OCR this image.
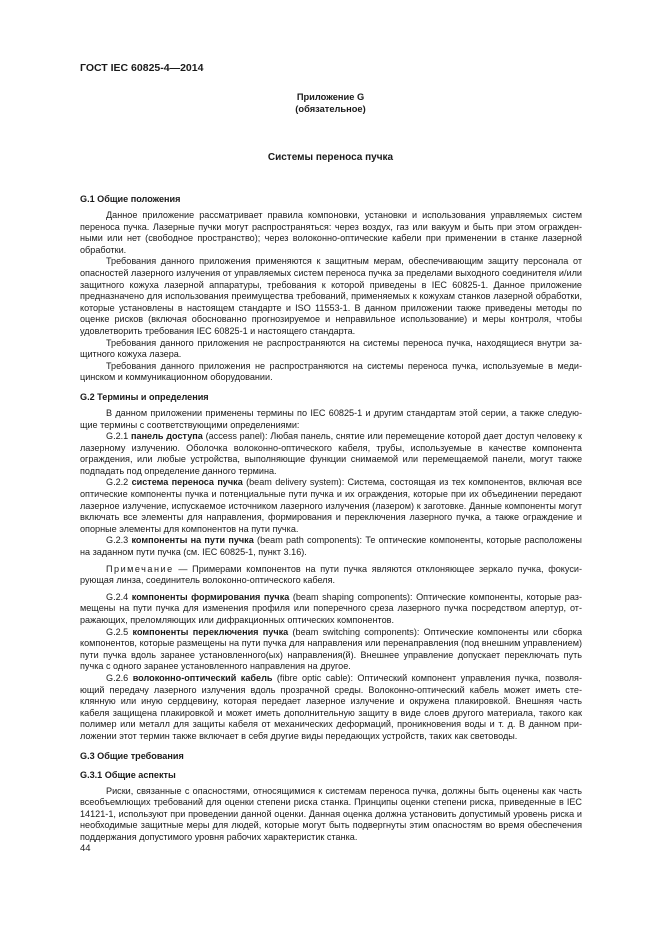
ГОСТ IEC 60825-4—2014
Приложение G
(обязательное)
Системы переноса пучка
G.1 Общие положения

Данное приложение рассматривает правила компоновки, установки и использования управляемых систем переноса пучка. Лазерные пучки могут распространяться: через воздух, газ или вакуум и быть при этом огражденными или нет (свободное пространство); через волоконно-оптические кабели при применении в станке лазерной обработки.

Требования данного приложения применяются к защитным мерам, обеспечивающим защиту персонала от опасностей лазерного излучения от управляемых систем переноса пучка за пределами выходного соединителя и/или защитного кожуха лазерной аппаратуры, требования к которой приведены в IEC 60825-1. Данное приложение предназначено для использования преимущества требований, применяемых к кожухам станков лазерной обработки, которые установлены в настоящем стандарте и ISO 11553-1. В данном приложении также приведены методы по оценке рисков (включая обоснованно прогнозируемое и неправильное использование) и меры контроля, чтобы удовлетворить требования IEC 60825-1 и настоящего стандарта.

Требования данного приложения не распространяются на системы переноса пучка, находящиеся внутри защитного кожуха лазера.

Требования данного приложения не распространяются на системы переноса пучка, используемые в медицинском и коммуникационном оборудовании.

G.2 Термины и определения

В данном приложении применены термины по IEC 60825-1 и другим стандартам этой серии, а также следующие термины с соответствующими определениями:

G.2.1 панель доступа (access panel): Любая панель, снятие или перемещение которой дает доступ человеку к лазерному излучению. Оболочка волоконно-оптического кабеля, трубы, используемые в качестве компонента ограждения, или любые устройства, выполняющие функции снимаемой или перемещаемой панели, могут также подпадать под определение данного термина.

G.2.2 система переноса пучка (beam delivery system): Система, состоящая из тех компонентов, включая все оптические компоненты пучка и потенциальные пути пучка и их ограждения, которые при их объединении передают лазерное излучение, испускаемое источником лазерного излучения (лазером) к заготовке. Данные компоненты могут включать все элементы для направления, формирования и переключения лазерного пучка, а также ограждение и опорные элементы для компонентов на пути пучка.

G.2.3 компоненты на пути пучка (beam path components): Те оптические компоненты, которые расположены на заданном пути пучка (см. IEC 60825-1, пункт 3.16).

Примечание — Примерами компонентов на пути пучка являются отклоняющее зеркало пучка, фокусирующая линза, соединитель волоконно-оптического кабеля.

G.2.4 компоненты формирования пучка (beam shaping components): Оптические компоненты, которые размещены на пути пучка для изменения профиля или поперечного среза лазерного пучка посредством апертур, отражающих, преломляющих или дифракционных оптических компонентов.

G.2.5 компоненты переключения пучка (beam switching components): Оптические компоненты или сборка компонентов, которые размещены на пути пучка для направления или перенаправления (под внешним управлением) пути пучка вдоль заранее установленного(ых) направления(й). Внешнее управление допускает переключать путь пучка с одного заранее установленного направления на другое.

G.2.6 волоконно-оптический кабель (fibre optic cable): Оптический компонент управления пучка, позволяющий передачу лазерного излучения вдоль прозрачной среды. Волоконно-оптический кабель может иметь стеклянную или иную сердцевину, которая передает лазерное излучение и окружена плакировкой. Внешняя часть кабеля защищена плакировкой и может иметь дополнительную защиту в виде слоев другого материала, такого как полимер или металл для защиты кабеля от механических деформаций, проникновения воды и т. д. В данном приложении этот термин также включает в себя другие виды передающих устройств, таких как световоды.

G.3 Общие требования
G.3.1 Общие аспекты

Риски, связанные с опасностями, относящимися к системам переноса пучка, должны быть оценены как часть всеобъемлющих требований для оценки степени риска станка. Принципы оценки степени риска, приведенные в IEC 14121-1, используют при проведении данной оценки. Данная оценка должна установить допустимый уровень риска и необходимые защитные меры для людей, которые могут быть подвергнуты этим опасностям во время обеспечения поддержания допустимого уровня рабочих характеристик станка.

44
